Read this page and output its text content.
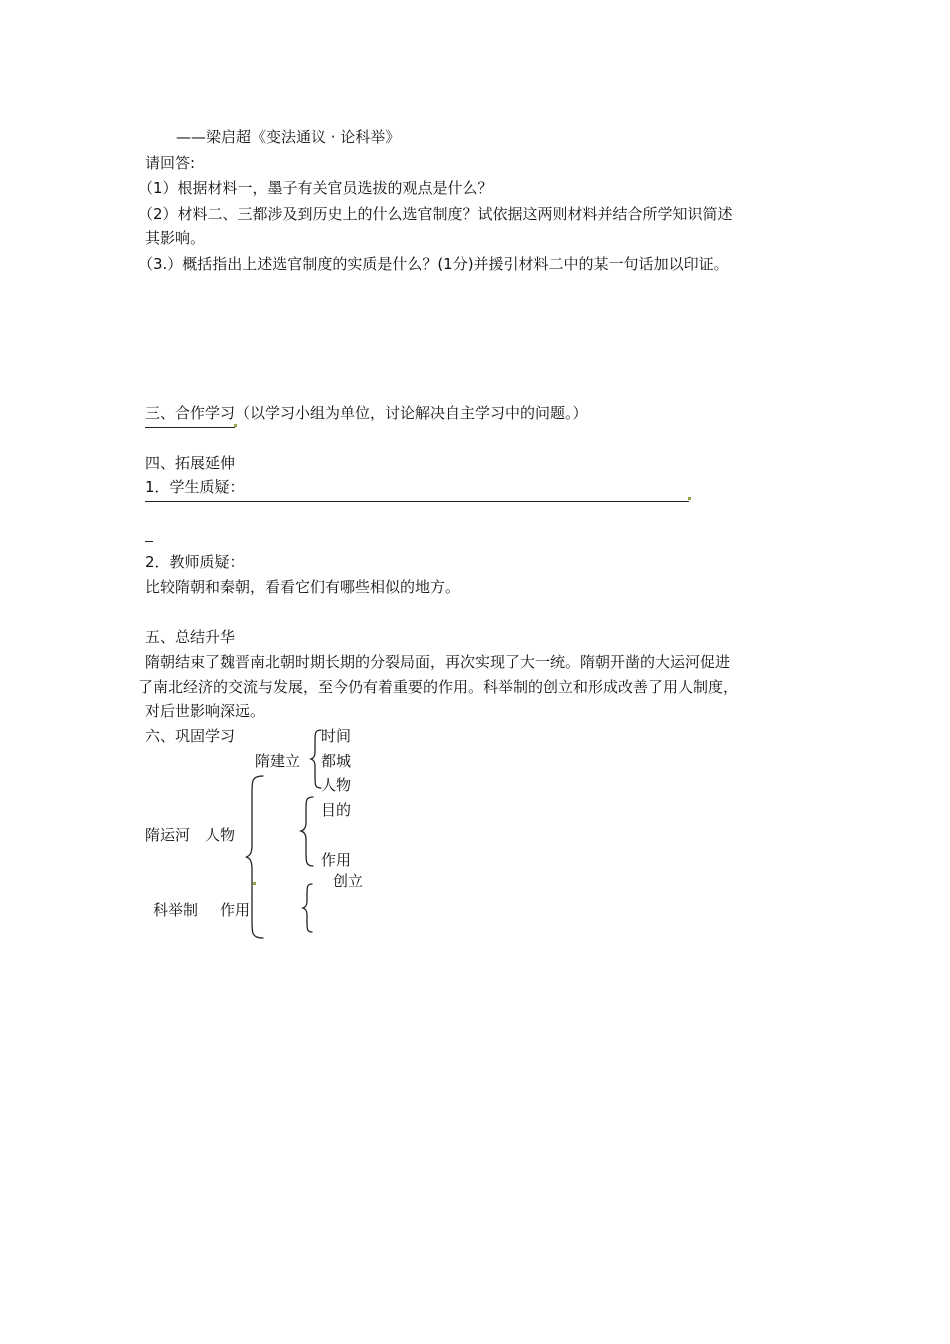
——梁启超《变法通议 · 论科举》
请回答:
（1）根据材料一，墨子有关官员选拔的观点是什么？
（2）材料二、三都涉及到历史上的什么选官制度？试依据这两则材料并结合所学知识简述
其影响。
（3.）概括指出上述选官制度的实质是什么？(1分)并援引材料二中的某一句话加以印证。
三、合作学习（以学习小组为单位，讨论解决自主学习中的问题。）
四、拓展延伸
1．学生质疑：
2．教师质疑：
比较隋朝和秦朝，看看它们有哪些相似的地方。
五、总结升华
隋朝结束了魏晋南北朝时期长期的分裂局面，再次实现了大一统。隋朝开凿的大运河促进
了南北经济的交流与发展，至今仍有着重要的作用。科举制的创立和形成改善了用人制度，
对后世影响深远。
六、巩固学习
隋建立
时间
都城
人物
目的
隋运河 人物
作用
创立
科举制 作用
